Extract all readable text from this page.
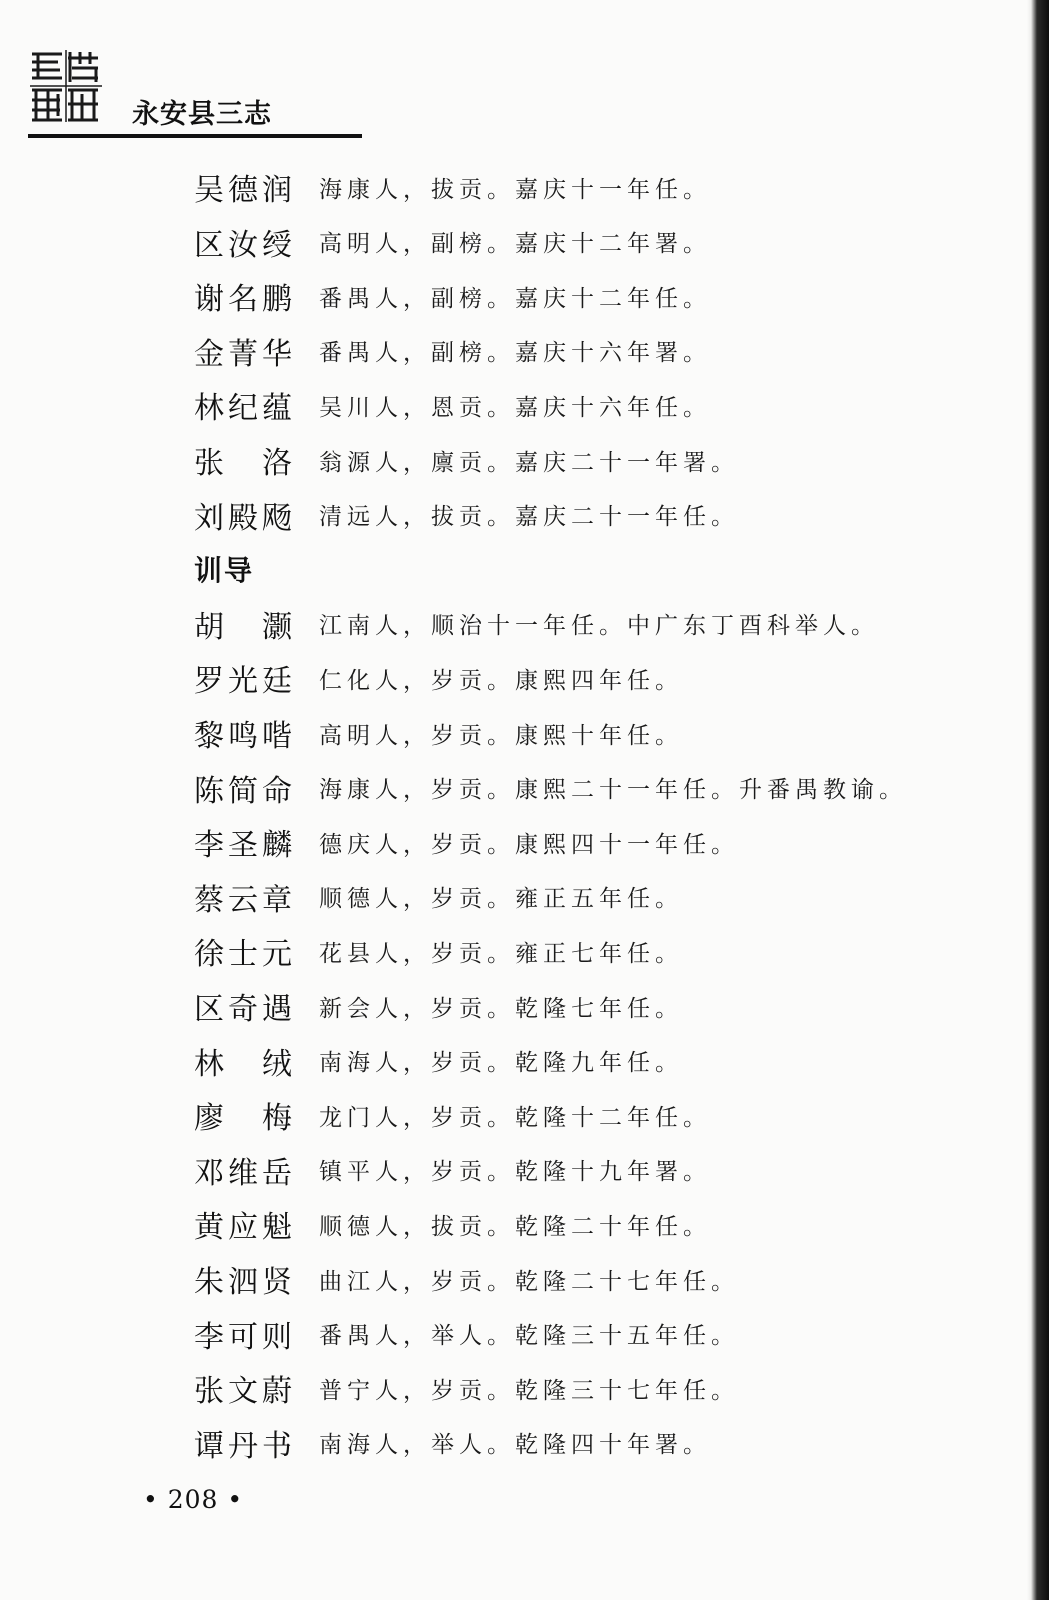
永安县三志
吴 德 润 海康人，拔贡。嘉庆十一年任。
区 汝 绶 高明人，副榜。嘉庆十二年署。
谢 名 鹏 番禺人，副榜。嘉庆十二年任。
金 菁 华 番禺人，副榜。嘉庆十六年署。
林 纪 蕴 吴川人，恩贡。嘉庆十六年任。
张 洛 翁源人，廪贡。嘉庆二十一年署。
刘 殿 飏 清远人，拔贡。嘉庆二十一年任。
训导
胡 灏 江南人，顺治十一年任。中广东丁酉科举人。
罗 光 廷 仁化人，岁贡。康熙四年任。
黎 鸣 喈 高明人，岁贡。康熙十年任。
陈 简 命 海康人，岁贡。康熙二十一年任。升番禺教谕。
李 圣 麟 德庆人，岁贡。康熙四十一年任。
蔡 云 章 顺德人，岁贡。雍正五年任。
徐 士 元 花县人，岁贡。雍正七年任。
区 奇 遇 新会人，岁贡。乾隆七年任。
林 绒 南海人，岁贡。乾隆九年任。
廖 梅 龙门人，岁贡。乾隆十二年任。
邓 维 岳 镇平人，岁贡。乾隆十九年署。
黄 应 魁 顺德人，拔贡。乾隆二十年任。
朱 泗 贤 曲江人，岁贡。乾隆二十七年任。
李 可 则 番禺人，举人。乾隆三十五年任。
张 文 蔚 普宁人，岁贡。乾隆三十七年任。
谭 丹 书 南海人，举人。乾隆四十年署。
• 208 •
